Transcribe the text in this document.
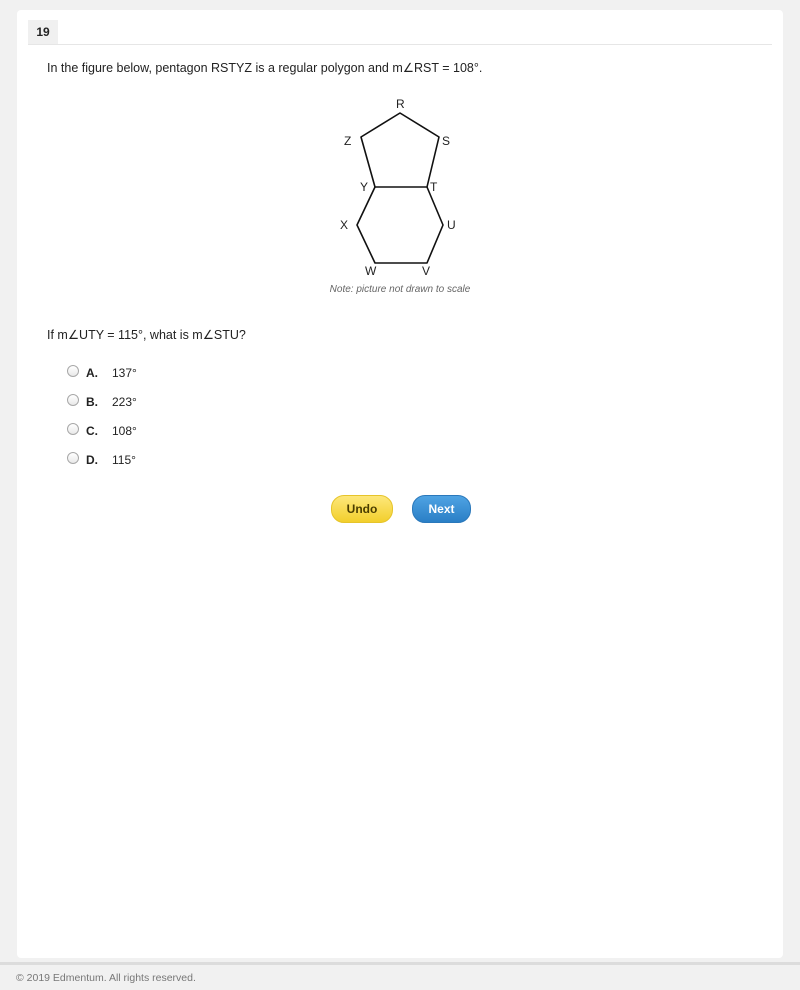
19
In the figure below, pentagon RSTYZ is a regular polygon and m∠RST = 108°.
R
S
Z
Y	T
X	U
W	V
Note: picture not drawn to scale
If m∠UTY = 115°, what is m∠STU?
A.	137°
B.	223°
C.	108°
D.	115°
Undo	Next
© 2019 Edmentum. All rights reserved.
